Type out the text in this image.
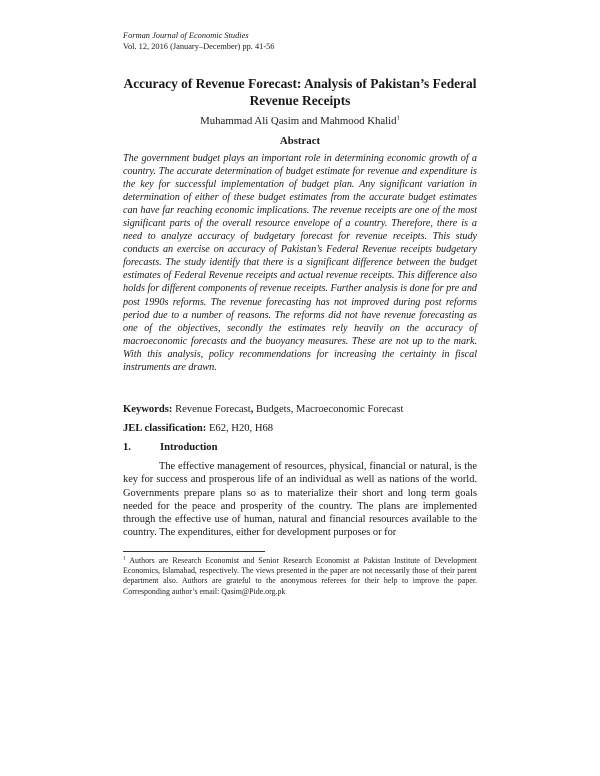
Forman Journal of Economic Studies
Vol. 12, 2016 (January–December) pp. 41-56
Accuracy of Revenue Forecast: Analysis of Pakistan’s Federal Revenue Receipts
Muhammad Ali Qasim and Mahmood Khalid$^1$
Abstract

The government budget plays an important role in determining economic growth of a country. The accurate determination of budget estimate for revenue and expenditure is the key for successful implementation of budget plan. Any significant variation in determination of either of these budget estimates from the accurate budget estimates can have far reaching economic implications. The revenue receipts are one of the most significant parts of the overall resource envelope of a country. Therefore, there is a need to analyze accuracy of budgetary forecast for revenue receipts. This study conducts an exercise on accuracy of Pakistan’s Federal Revenue receipts budgetary forecasts. The study identify that there is a significant difference between the budget estimates of Federal Revenue receipts and actual revenue receipts. This difference also holds for different components of revenue receipts. Further analysis is done for pre and post 1990s reforms. The revenue forecasting has not improved during post reforms period due to a number of reasons. The reforms did not have revenue forecasting as one of the objectives, secondly the estimates rely heavily on the accuracy of macroeconomic forecasts and the buoyancy measures. These are not up to the mark. With this analysis, policy recommendations for increasing the certainty in fiscal instruments are drawn.

Keywords: Revenue Forecast, Budgets, Macroeconomic Forecast
JEL classification: E62, H20, H68
1.	Introduction

The effective management of resources, physical, financial or natural, is the key for success and prosperous life of an individual as well as nations of the world. Governments prepare plans so as to materialize their short and long term goals needed for the peace and prosperity of the country. The plans are implemented through the effective use of human, natural and financial resources available to the country. The expenditures, either for development purposes or for

$^1$ Authors are Research Economist and Senior Research Economist at Pakistan Institute of Development Economics, Islamabad, respectively. The views presented in the paper are not necessarily those of their parent department also. Authors are grateful to the anonymous referees for their help to improve the paper. Corresponding author’s email: Qasim@Pide.org.pk
